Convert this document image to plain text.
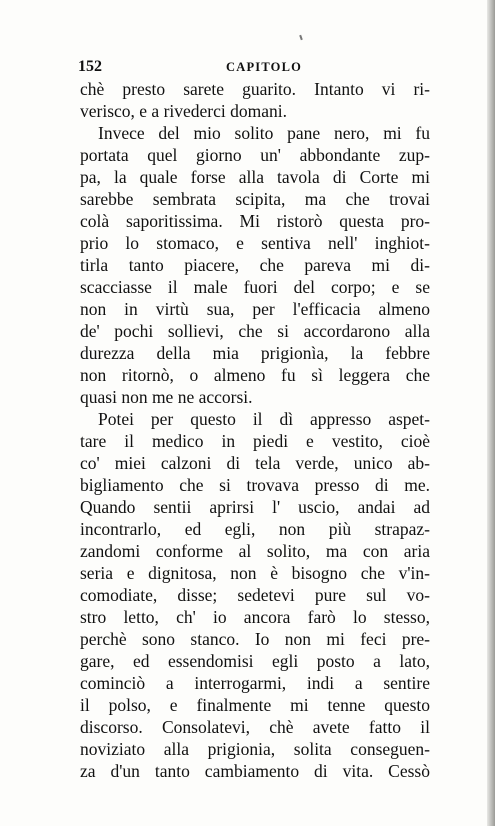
152	CAPITOLO
chè presto sarete guarito. Intanto vi ri-
verisco, e a rivederci domani.
Invece del mio solito pane nero, mi fu
portata quel giorno un' abbondante zup-
pa, la quale forse alla tavola di Corte mi
sarebbe sembrata scipita, ma che trovai
colà saporitissima. Mi ristorò questa pro-
prio lo stomaco, e sentiva nell' inghiot-
tirla tanto piacere, che pareva mi di-
scacciasse il male fuori del corpo; e se
non in virtù sua, per l'efficacia almeno
de' pochi sollievi, che si accordarono alla
durezza della mia prigionìa, la febbre
non ritornò, o almeno fu sì leggera che
quasi non me ne accorsi.
Potei per questo il dì appresso aspet-
tare il medico in piedi e vestito, cioè
co' miei calzoni di tela verde, unico ab-
bigliamento che si trovava presso di me.
Quando sentii aprirsi l' uscio, andai ad
incontrarlo, ed egli, non più strapaz-
zandomi conforme al solito, ma con aria
seria e dignitosa, non è bisogno che v'in-
comodiate, disse; sedetevi pure sul vo-
stro letto, ch' io ancora farò lo stesso,
perchè sono stanco. Io non mi feci pre-
gare, ed essendomisi egli posto a lato,
cominciò a interrogarmi, indi a sentire
il polso, e finalmente mi tenne questo
discorso. Consolatevi, chè avete fatto il
noviziato alla prigionia, solita conseguen-
za d'un tanto cambiamento di vita. Cessò
